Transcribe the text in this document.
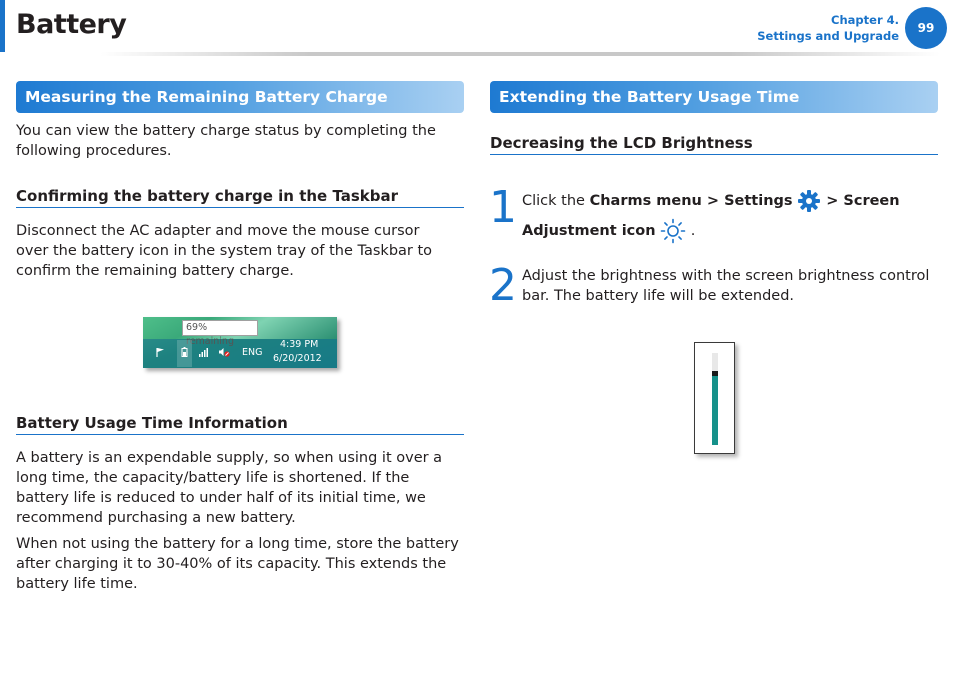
Battery	Chapter 4.
Settings and Upgrade
99
Measuring the Remaining Battery Charge
You can view the battery charge status by completing the following procedures.
Confirming the battery charge in the Taskbar
Disconnect the AC adapter and move the mouse cursor over the battery icon in the system tray of the Taskbar to confirm the remaining battery charge.
69% remaining
ENG
4:39 PM
6/20/2012
Battery Usage Time Information
A battery is an expendable supply, so when using it over a long time, the capacity/battery life is shortened. If the battery life is reduced to under half of its initial time, we recommend purchasing a new battery.
When not using the battery for a long time, store the battery after charging it to 30-40% of its capacity. This extends the battery life time.
Extending the Battery Usage Time
Decreasing the LCD Brightness
1 Click the Charms menu > Settings  > Screen
Adjustment icon  .
2 Adjust the brightness with the screen brightness control bar. The battery life will be extended.
